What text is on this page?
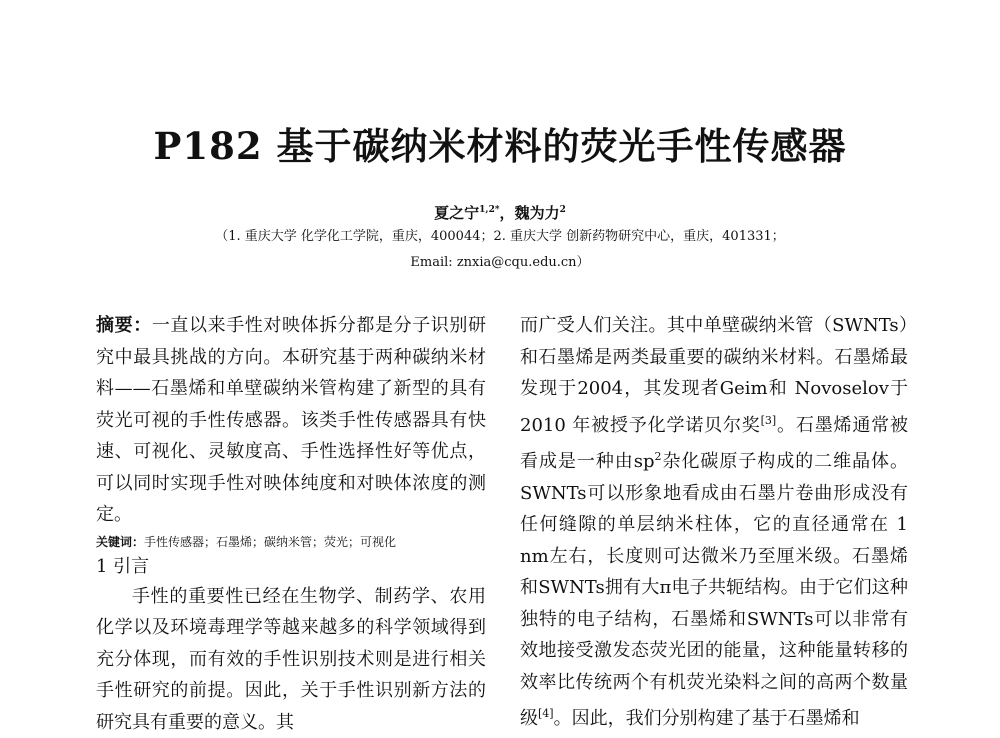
P182 基于碳纳米材料的荧光手性传感器
夏之宁$^{1,2*}$，魏为力$^2$
（1. 重庆大学 化学化工学院，重庆，400044；2. 重庆大学 创新药物研究中心，重庆，401331；
Email: znxia@cqu.edu.cn）

摘要：一直以来手性对映体拆分都是分子识别研究中最具挑战的方向。本研究基于两种碳纳米材料——石墨烯和单壁碳纳米管构建了新型的具有荧光可视的手性传感器。该类手性传感器具有快速、可视化、灵敏度高、手性选择性好等优点，可以同时实现手性对映体纯度和对映体浓度的测定。

关键词：手性传感器；石墨烯；碳纳米管；荧光；可视化

1 引言

手性的重要性已经在生物学、制药学、农用化学以及环境毒理学等越来越多的科学领域得到充分体现，而有效的手性识别技术则是进行相关手性研究的前提。因此，关于手性识别新方法的研究具有重要的意义。其

而广受人们关注。其中单壁碳纳米管（SWNTs）和石墨烯是两类最重要的碳纳米材料。石墨烯最发现于2004，其发现者Geim和 Novoselov于 2010 年被授予化学诺贝尔奖[3]。石墨烯通常被看成是一种由sp$^2$杂化碳原子构成的二维晶体。SWNTs可以形象地看成由石墨片卷曲形成没有任何缝隙的单层纳米柱体，它的直径通常在 1 nm左右，长度则可达微米乃至厘米级。石墨烯和SWNTs拥有大π电子共轭结构。由于它们这种独特的电子结构，石墨烯和SWNTs可以非常有效地接受激发态荧光团的能量，这种能量转移的效率比传统两个有机荧光染料之间的高两个数量级[4]。因此，我们分别构建了基于石墨烯和
